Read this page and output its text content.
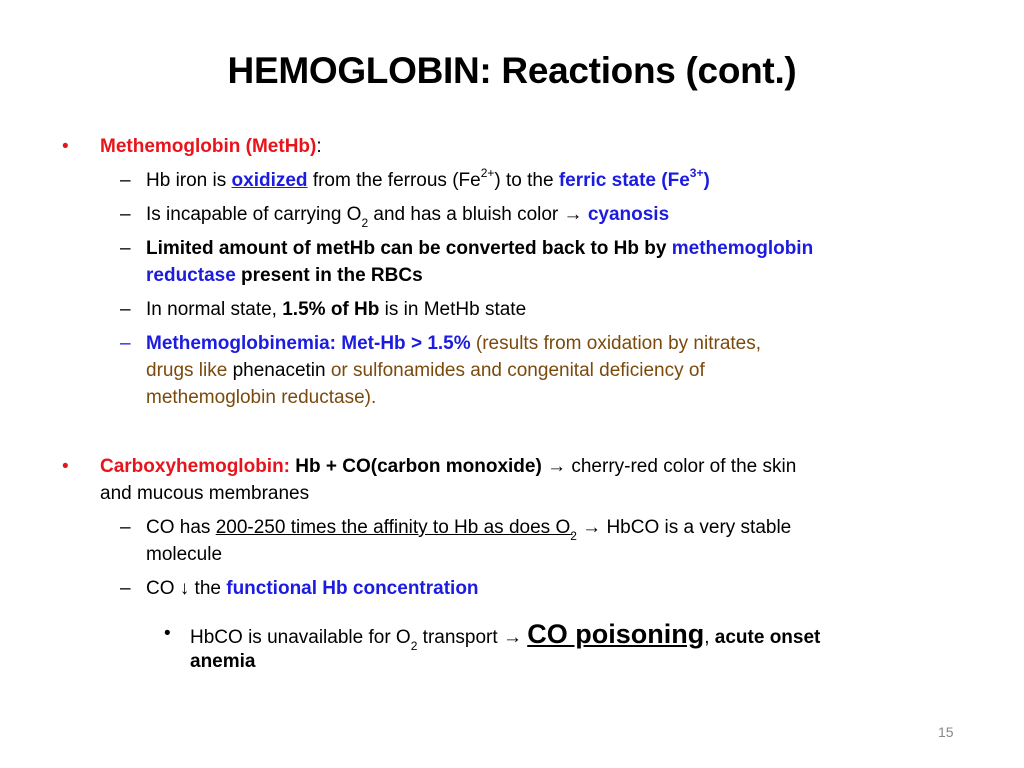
HEMOGLOBIN: Reactions (cont.)
• Methemoglobin (MetHb):
– Hb iron is oxidized from the ferrous $(Fe^{2+})$ to the ferric state $(Fe^{3+})$
– Is incapable of carrying $O_2$ and has a bluish color → cyanosis
– Limited amount of metHb can be converted back to Hb by methemoglobin
reductase present in the RBCs
– In normal state, 1.5% of Hb is in MetHb state
– Methemoglobinemia: Met-Hb > 1.5% (results from oxidation by nitrates,
drugs like phenacetin or sulfonamides and congenital deficiency of
methemoglobin reductase).
• Carboxyhemoglobin: Hb + CO(carbon monoxide) → cherry-red color of the skin
and mucous membranes
– CO has 200-250 times the affinity to Hb as does $O_2$ → HbCO is a very stable
molecule
– CO ↓ the functional Hb concentration
• HbCO is unavailable for $O_2$ transport → CO poisoning, acute onset
anemia
15
